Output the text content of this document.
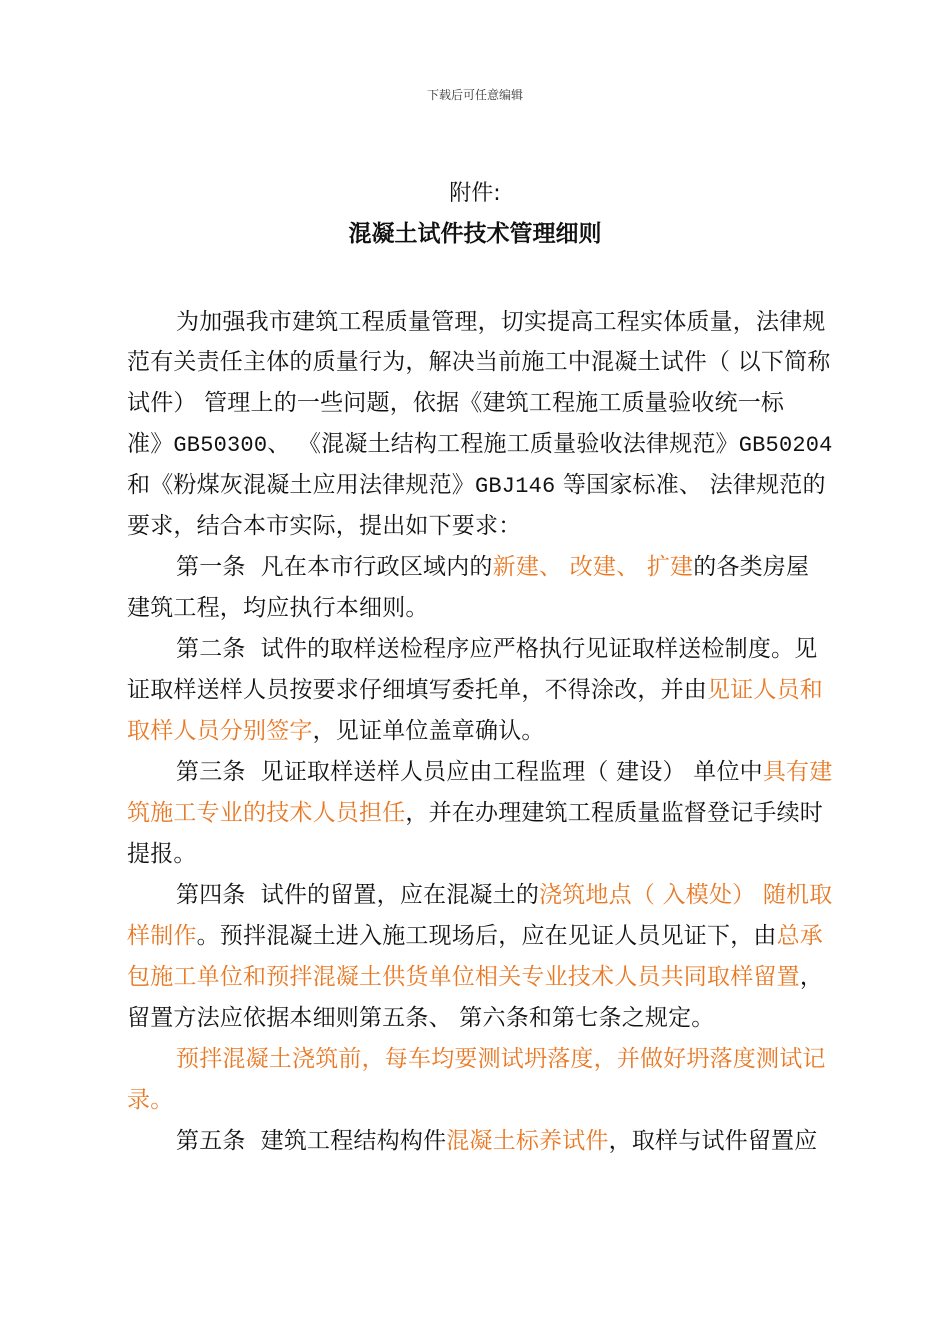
下载后可任意编辑
附件:
混凝土试件技术管理细则
为加强我市建筑工程质量管理，切实提高工程实体质量，法律规
范有关责任主体的质量行为，解决当前施工中混凝土试件（ 以下简称
试件） 管理上的一些问题，依据《建筑工程施工质量验收统一标
准》GB50300、 《混凝土结构工程施工质量验收法律规范》GB50204
和《粉煤灰混凝土应用法律规范》GBJ146 等国家标准、 法律规范的
要求，结合本市实际，提出如下要求：
第一条  凡在本市行政区域内的新建、 改建、 扩建的各类房屋
建筑工程，均应执行本细则。
第二条  试件的取样送检程序应严格执行见证取样送检制度。见
证取样送样人员按要求仔细填写委托单，不得涂改，并由见证人员和
取样人员分别签字，见证单位盖章确认。
第三条  见证取样送样人员应由工程监理（ 建设） 单位中具有建
筑施工专业的技术人员担任，并在办理建筑工程质量监督登记手续时
提报。
第四条  试件的留置，应在混凝土的浇筑地点（ 入模处） 随机取
样制作。预拌混凝土进入施工现场后，应在见证人员见证下，由总承
包施工单位和预拌混凝土供货单位相关专业技术人员共同取样留置，
留置方法应依据本细则第五条、 第六条和第七条之规定。
预拌混凝土浇筑前，每车均要测试坍落度，并做好坍落度测试记
录。
第五条  建筑工程结构构件混凝土标养试件，取样与试件留置应
